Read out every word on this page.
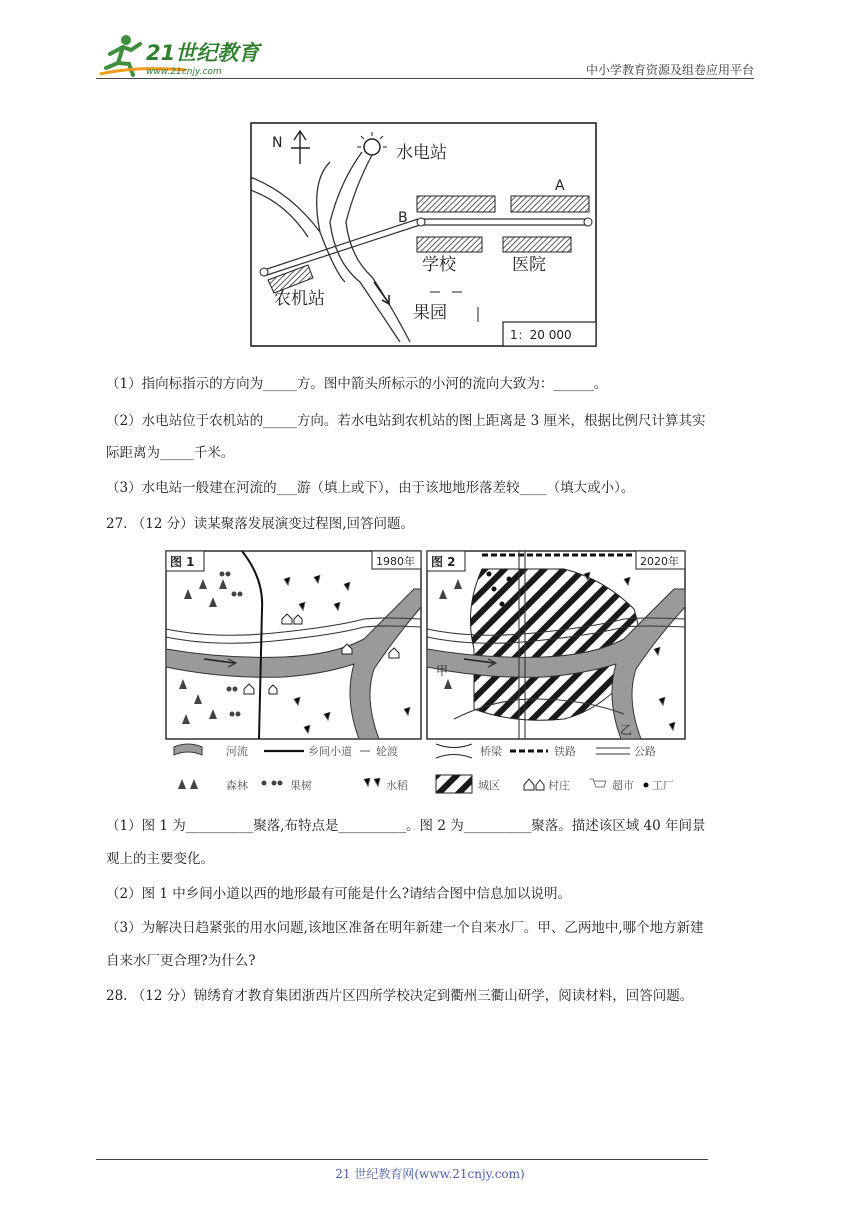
21世纪教育
www.21cnjy.com	中小学教育资源及组卷应用平台
N	水电站
B
A
学校	医院
农机站
果园
1：20 000
（1）指向标指示的方向为_____方。图中箭头所标示的小河的流向大致为：______。
（2）水电站位于农机站的_____方向。若水电站到农机站的图上距离是 3 厘米，根据比例尺计算其实
际距离为_____千米。
（3）水电站一般建在河流的___游（填上或下），由于该地地形落差较____（填大或小）。
27. （12 分）读某聚落发展演变过程图,回答问题。
图 1	1980年 图 2	2020年
甲
乙
河流	乡间小道 轮渡	桥梁	铁路	公路
森林	果树	水稻	城区	村庄	超市 工厂
（1）图 1 为__________聚落,布特点是__________。图 2 为__________聚落。描述该区域 40 年间景
观上的主要变化。
（2）图 1 中乡间小道以西的地形最有可能是什么?请结合图中信息加以说明。
（3）为解决日趋紧张的用水问题,该地区准备在明年新建一个自来水厂。甲、乙两地中,哪个地方新建
自来水厂更合理?为什么?
28. （12 分）锦绣育才教育集团浙西片区四所学校决定到衢州三衢山研学，阅读材料，回答问题。
21 世纪教育网(www.21cnjy.com)
